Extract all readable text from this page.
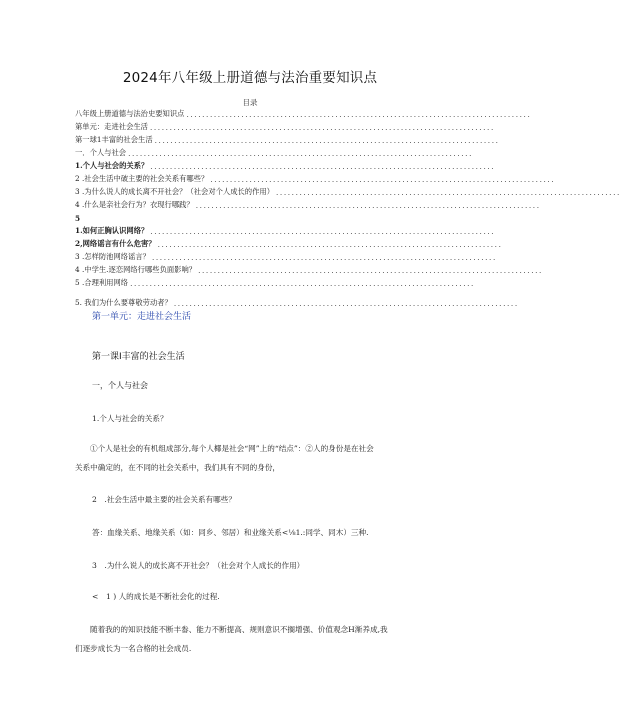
2024年八年级上册道德与法治重要知识点
目录
八年级上册道德与法治史要知识点 ........................................................................................
第单元：走进社会生活 ........................................................................................
第一球1丰富的社会生活 ........................................................................................
一．个人与社会 ........................................................................................
1.个人与社会的关系？ ........................................................................................
2 .社会生活中破主要的社会关系有哪些？ ........................................................................................
3 .为什么说人的成长离不开社会？（社会对个人成长的作用） ........................................................................................
4 .什么是亲社会行为？衣现行哪践？ ........................................................................................
5
1.如何正胸认识网络？ ........................................................................................
2,网络谣言有什么危害？ ........................................................................................
3 .怎样防池网络谣言？ ........................................................................................
4 .中学生.逐恋网络行哪些负面影响？ ........................................................................................
5 .合理利用网络 ........................................................................................
5. 我们为什么要尊敬劳动者？ ........................................................................................
第一单元：走进社会生活
第一课I丰富的社会生活
一，个人与社会
1.个人与社会的关系？
①个人是社会的有机组成部分,每个人椰是社会“网”上的“结点”：②人的身份是在社会
关系中确定的，在不同的社会关系中，我们具有不同的身份，
2　.社会生活中最主要的社会关系有哪些？
答：血缘关系、地缘关系（如：同乡、邻居）和业缘关系<⅛1.:同学、同木）三种.
3　.为什么说人的成长离不开社会？（社会对个人成长的作用）
<　1 ) 人的成长是不断社会化的过程.
随着我的的知识技能不断丰畚、能力不断提高、规则意识不搁增强、价值观念H渐养成,我
们逐步成长为一名合格的社会成员.
